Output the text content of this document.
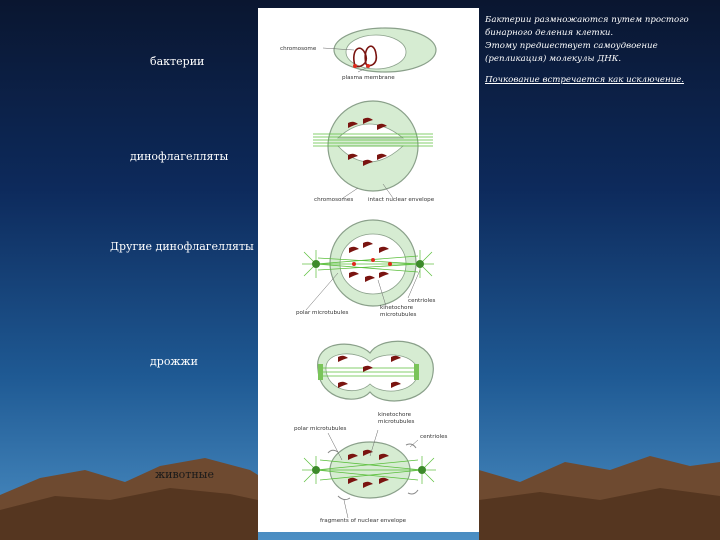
бактерии
динофлагелляты
Другие динофлагелляты
дрожжи
животные
chromosome
plasma membrane
chromosomes	intact nuclear envelope
centrioles
polar microtubules
kinetochore
microtubules
kinetochore
microtubules
polar microtubules
centrioles
fragments of nuclear envelope

Бактерии размножаются путем простого

бинарного деления клетки.

Этому предшествует самоудвоение

(репликация) молекулы ДНК.

Почкование встречается как исключение.
